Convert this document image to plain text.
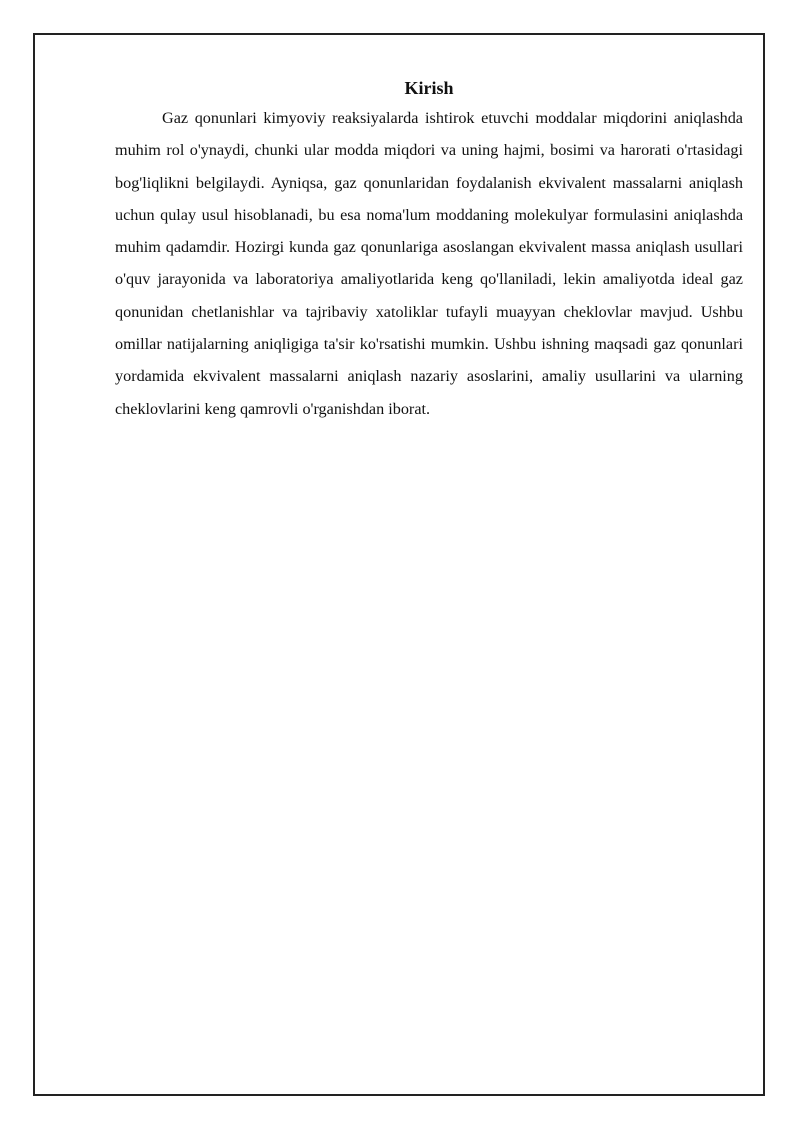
Kirish

Gaz qonunlari kimyoviy reaksiyalarda ishtirok etuvchi moddalar miqdorini aniqlashda muhim rol o'ynaydi, chunki ular modda miqdori va uning hajmi, bosimi va harorati o'rtasidagi bog'liqlikni belgilaydi. Ayniqsa, gaz qonunlaridan foydalanish ekvivalent massalarni aniqlash uchun qulay usul hisoblanadi, bu esa noma'lum moddaning molekulyar formulasini aniqlashda muhim qadamdir. Hozirgi kunda gaz qonunlariga asoslangan ekvivalent massa aniqlash usullari o'quv jarayonida va laboratoriya amaliyotlarida keng qo'llaniladi, lekin amaliyotda ideal gaz qonunidan chetlanishlar va tajribaviy xatoliklar tufayli muayyan cheklovlar mavjud. Ushbu omillar natijalarning aniqligiga ta'sir ko'rsatishi mumkin. Ushbu ishning maqsadi gaz qonunlari yordamida ekvivalent massalarni aniqlash nazariy asoslarini, amaliy usullarini va ularning cheklovlarini keng qamrovli o'rganishdan iborat.
